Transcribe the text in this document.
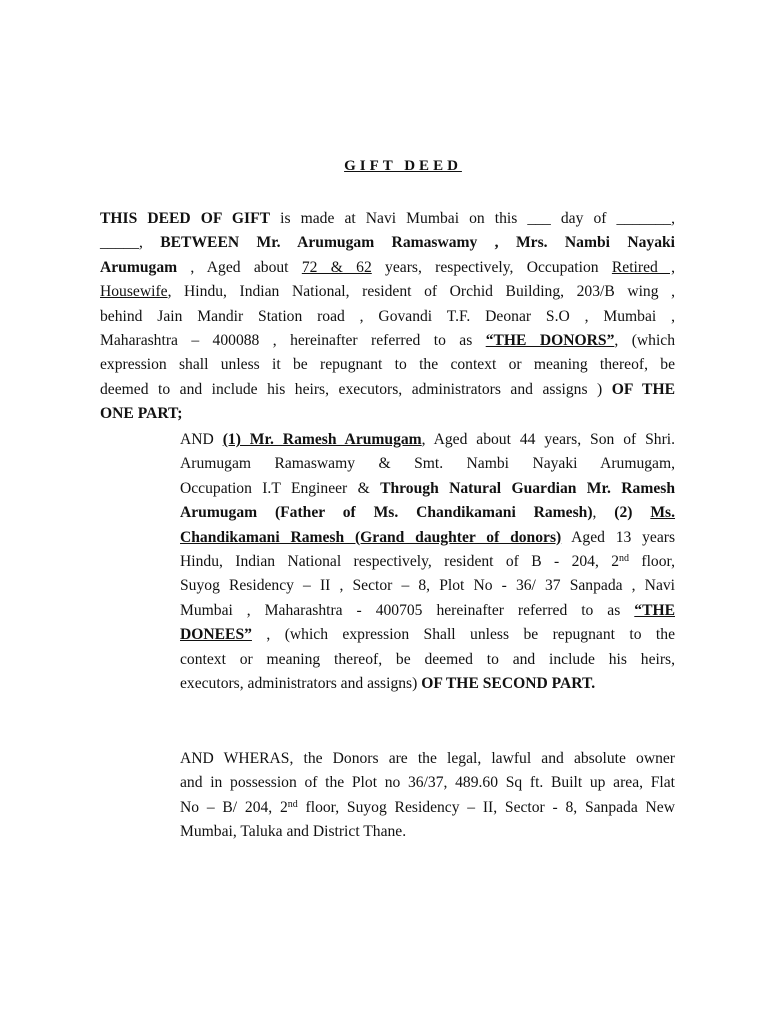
GIFT DEED
THIS DEED OF GIFT is made at Navi Mumbai on this ___ day of _______,
_____, BETWEEN Mr. Arumugam Ramaswamy , Mrs. Nambi Nayaki
Arumugam , Aged about 72 & 62 years, respectively, Occupation Retired ,
Housewife, Hindu, Indian National, resident of Orchid Building, 203/B wing ,
behind Jain Mandir Station road , Govandi T.F. Deonar S.O , Mumbai ,
Maharashtra – 400088 , hereinafter referred to as “THE DONORS”, (which
expression shall unless it be repugnant to the context or meaning thereof, be
deemed to and include his heirs, executors, administrators and assigns ) OF THE
ONE PART;
AND (1) Mr. Ramesh Arumugam, Aged about 44 years, Son of Shri.
Arumugam Ramaswamy & Smt. Nambi Nayaki Arumugam,
Occupation I.T Engineer & Through Natural Guardian Mr. Ramesh
Arumugam (Father of Ms. Chandikamani Ramesh), (2) Ms.
Chandikamani Ramesh (Grand daughter of donors) Aged 13 years
Hindu, Indian National respectively, resident of B - 204, 2nd floor,
Suyog Residency – II , Sector – 8, Plot No - 36/ 37 Sanpada , Navi
Mumbai , Maharashtra - 400705 hereinafter referred to as “THE
DONEES” , (which expression Shall unless be repugnant to the
context or meaning thereof, be deemed to and include his heirs,
executors, administrators and assigns) OF THE SECOND PART.
AND WHERAS, the Donors are the legal, lawful and absolute owner
and in possession of the Plot no 36/37, 489.60 Sq ft. Built up area, Flat
No – B/ 204, 2nd floor, Suyog Residency – II, Sector - 8, Sanpada New
Mumbai, Taluka and District Thane.
